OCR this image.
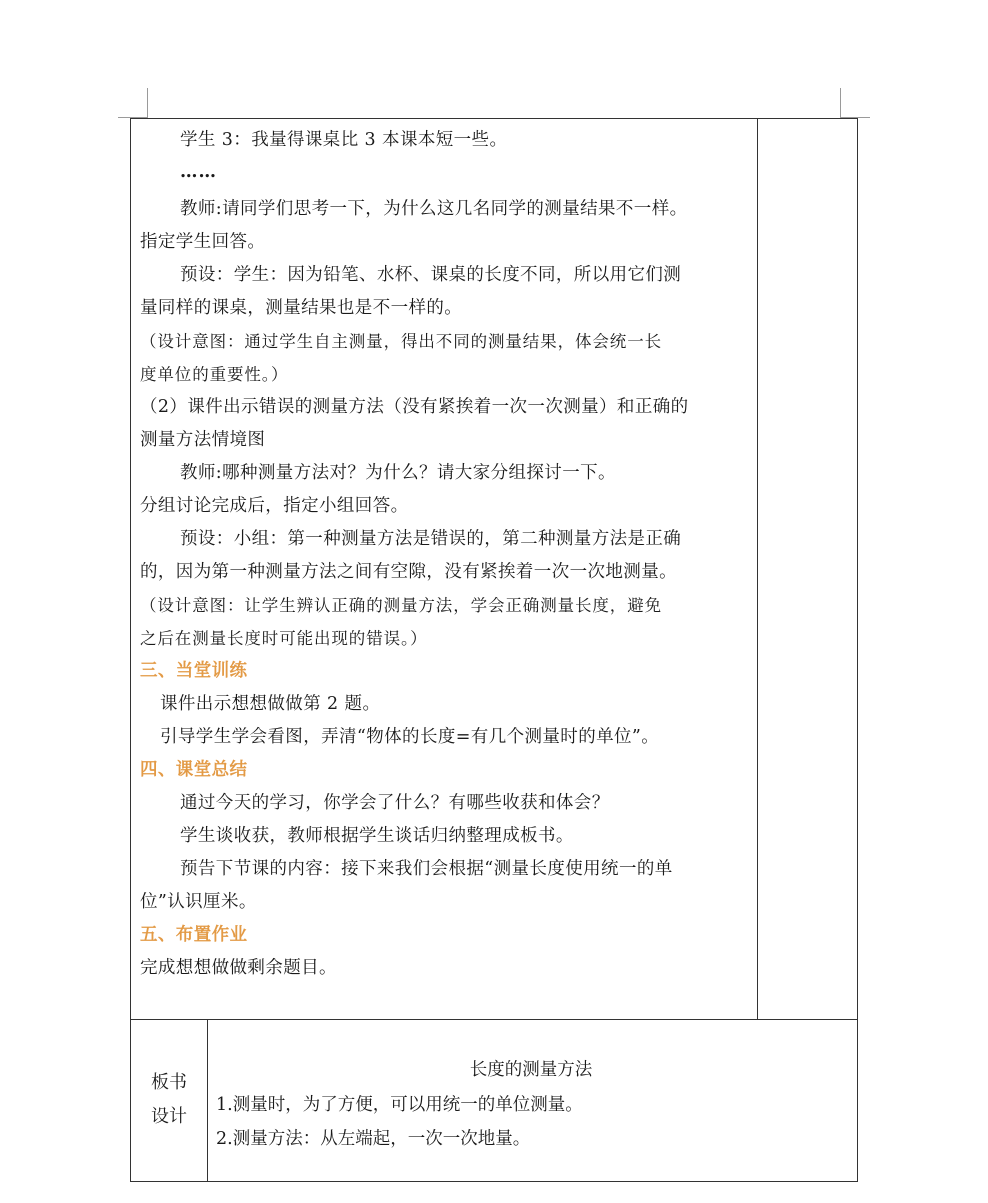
学生 3：我量得课桌比 3 本课本短一些。

……

教师:请同学们思考一下，为什么这几名同学的测量结果不一样。

指定学生回答。

预设：学生：因为铅笔、水杯、课桌的长度不同，所以用它们测

量同样的课桌，测量结果也是不一样的。

（设计意图：通过学生自主测量，得出不同的测量结果，体会统一长

度单位的重要性。）

（2）课件出示错误的测量方法（没有紧挨着一次一次测量）和正确的

测量方法情境图

教师:哪种测量方法对？为什么？请大家分组探讨一下。

分组讨论完成后，指定小组回答。

预设：小组：第一种测量方法是错误的，第二种测量方法是正确

的，因为第一种测量方法之间有空隙，没有紧挨着一次一次地测量。

（设计意图：让学生辨认正确的测量方法，学会正确测量长度，避免

之后在测量长度时可能出现的错误。）

三、当堂训练

课件出示想想做做第 2 题。

引导学生学会看图，弄清“物体的长度=有几个测量时的单位”。

四、课堂总结

通过今天的学习，你学会了什么？有哪些收获和体会？

学生谈收获，教师根据学生谈话归纳整理成板书。

预告下节课的内容：接下来我们会根据“测量长度使用统一的单

位”认识厘米。

五、布置作业

完成想想做做剩余题目。

板书
设计

长度的测量方法

1.测量时，为了方便，可以用统一的单位测量。

2.测量方法：从左端起，一次一次地量。
